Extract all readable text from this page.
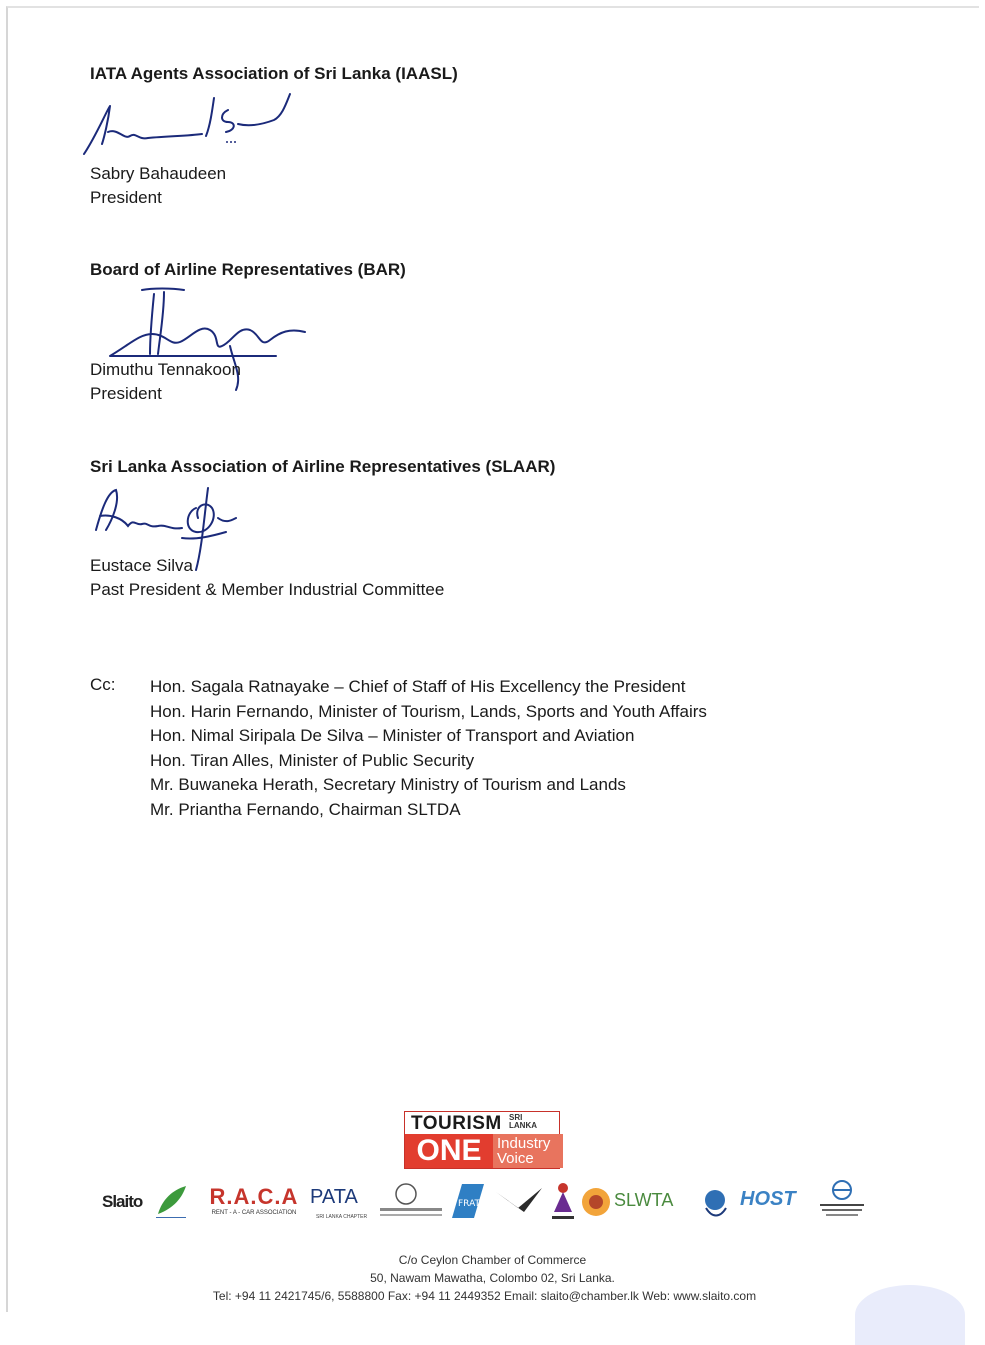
IATA Agents Association of Sri Lanka (IAASL)

Sabry Bahaudeen

President

Board of Airline Representatives (BAR)

Dimuthu Tennakoon

President

Sri Lanka Association of Airline Representatives (SLAAR)

Eustace Silva

Past President & Member Industrial Committee

Cc: Hon. Sagala Ratnayake – Chief of Staff of His Excellency the President
Hon. Harin Fernando, Minister of Tourism, Lands, Sports and Youth Affairs
Hon. Nimal Siripala De Silva – Minister of Transport and Aviation
Hon. Tiran Alles, Minister of Public Security
Mr. Buwaneka Herath, Secretary Ministry of Tourism and Lands
Mr. Priantha Fernando, Chairman SLTDA
TOURISM SRI LANKA
ONE	Industry
Voice
Slaito	R.A.C.A
RENT - A - CAR ASSOCIATION
PATA
SRI LANKA CHAPTER
FRAT	SLWTA	HOST
C/o Ceylon Chamber of Commerce
50, Nawam Mawatha, Colombo 02, Sri Lanka.
Tel: +94 11 2421745/6, 5588800 Fax: +94 11 2449352 Email: slaito@chamber.lk Web: www.slaito.com
